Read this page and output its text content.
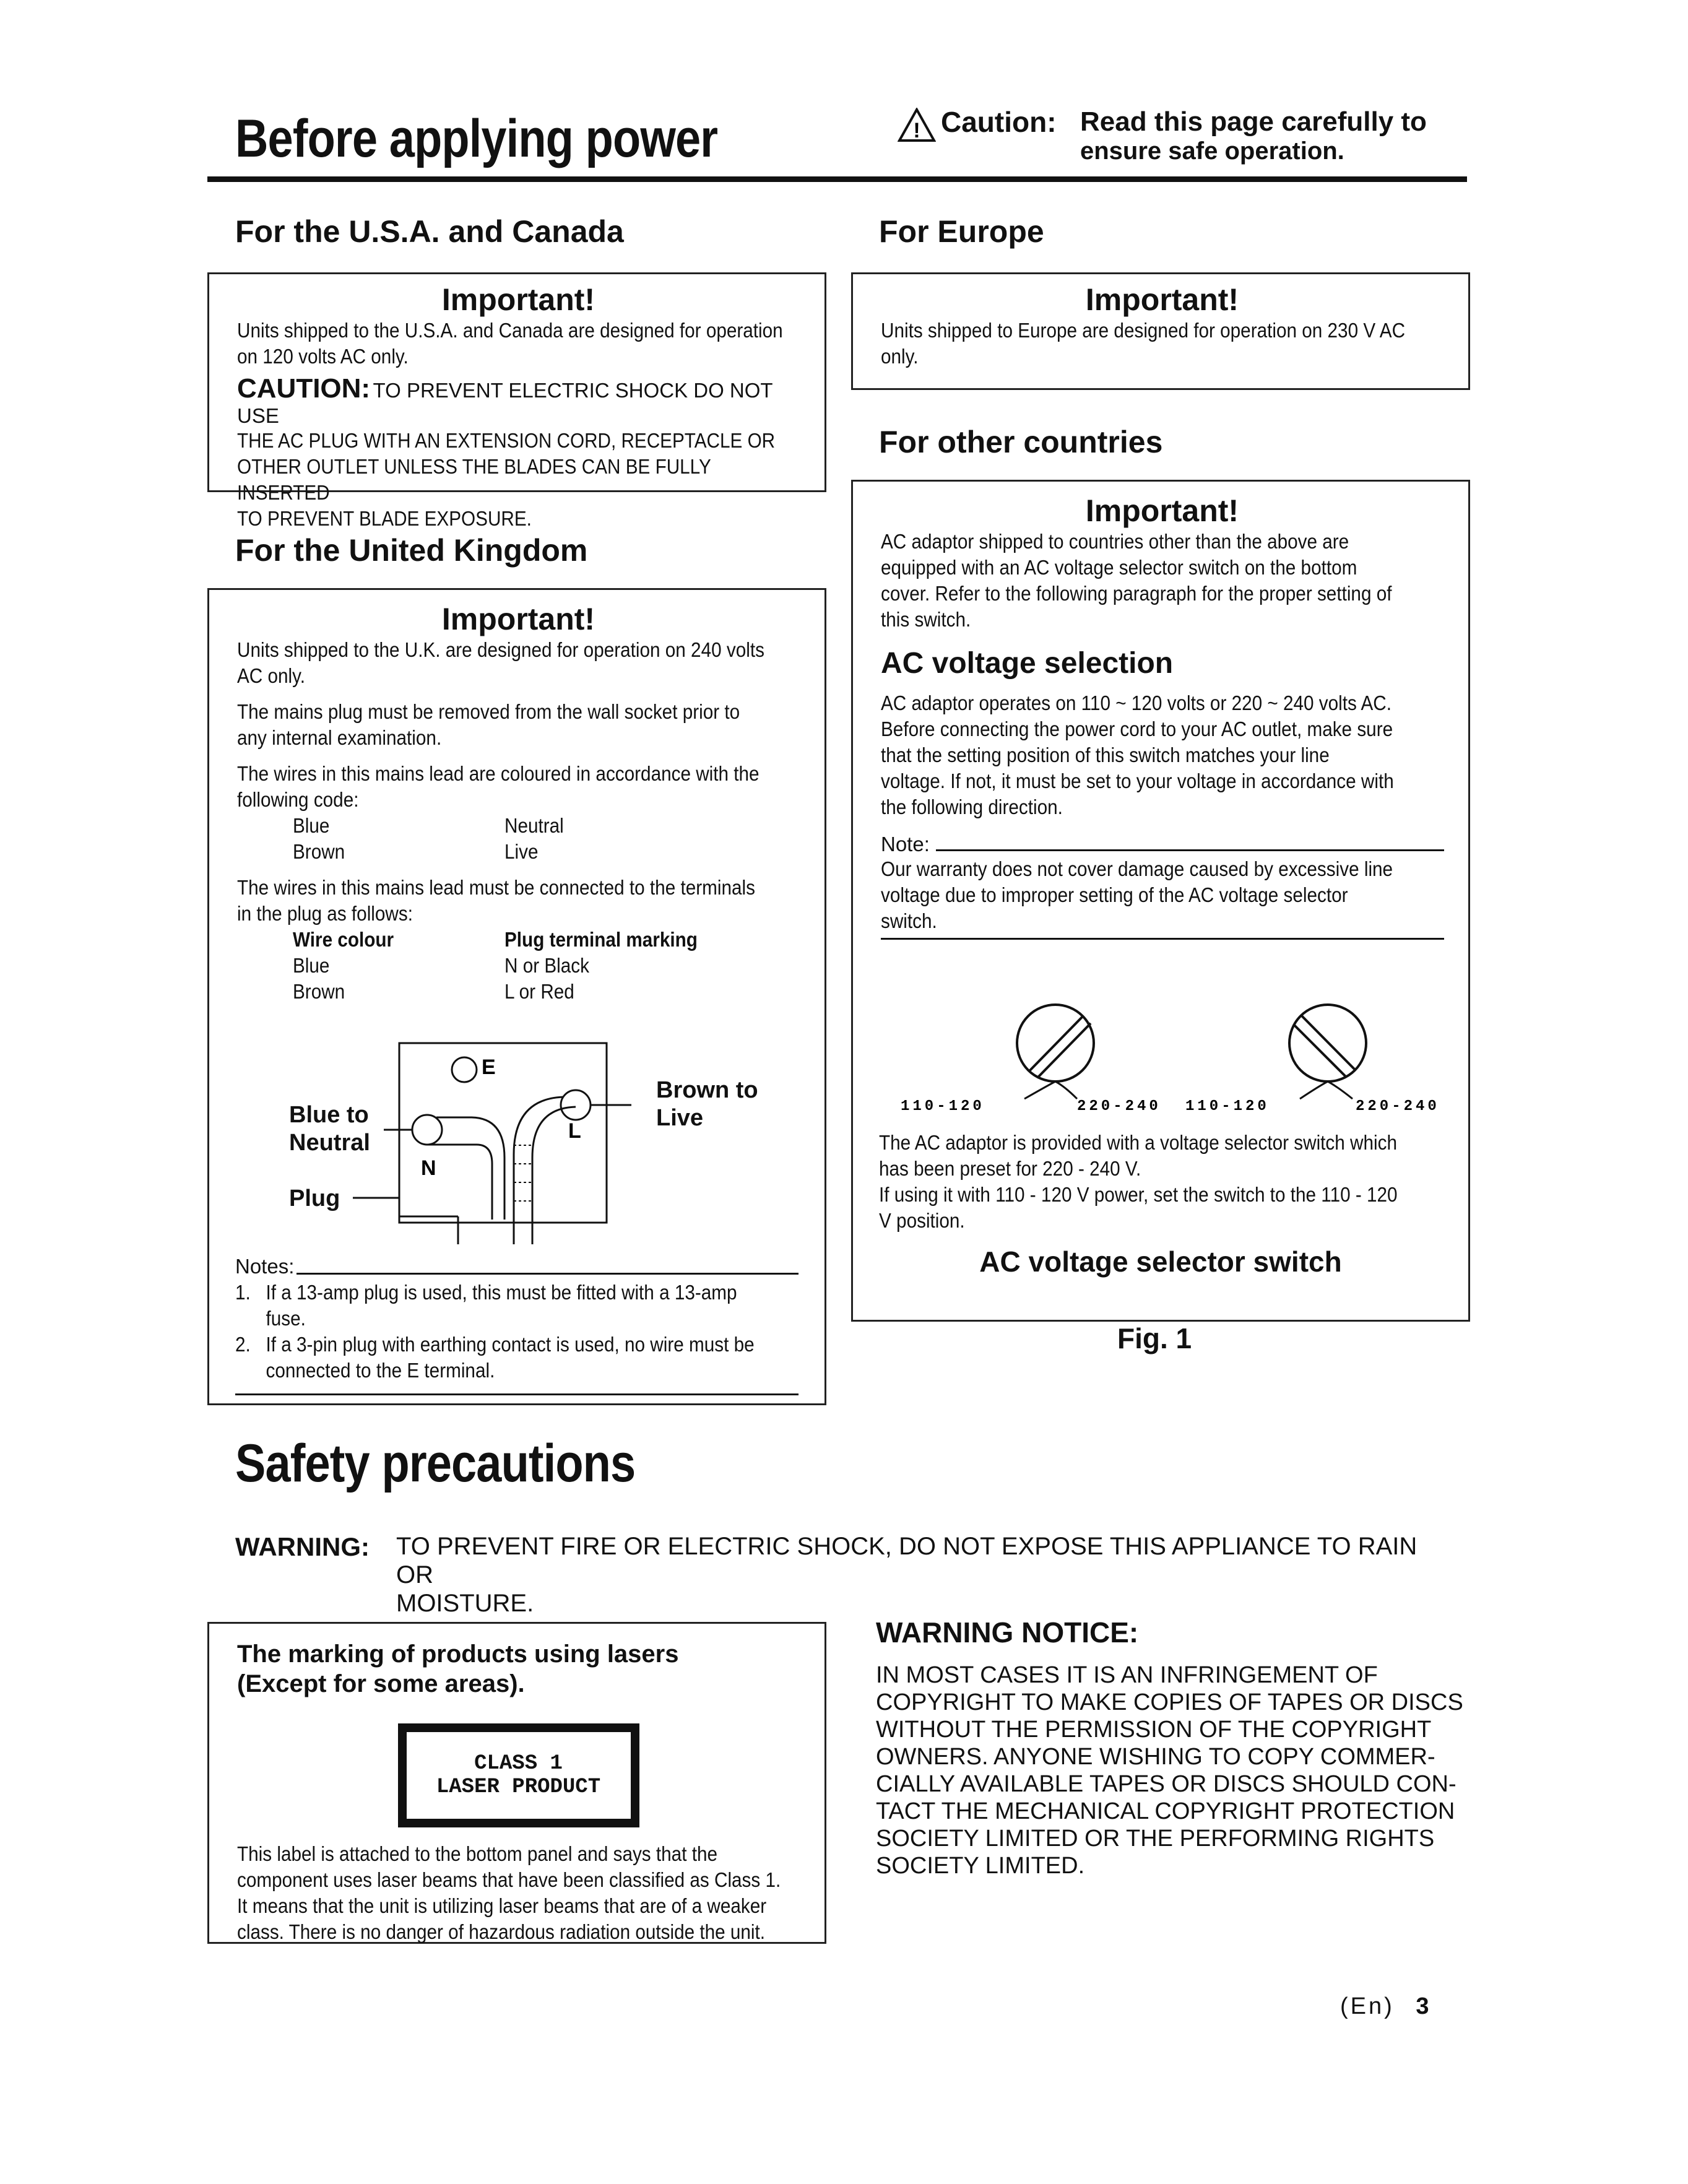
Before applying power	! Caution: Read this page carefully to
ensure safe operation.
For the U.S.A. and Canada

Important!

Units shipped to the U.S.A. and Canada are designed for operation

on 120 volts AC only.

CAUTION: TO PREVENT ELECTRIC SHOCK DO NOT USE

THE AC PLUG WITH AN EXTENSION CORD, RECEPTACLE OR

OTHER OUTLET UNLESS THE BLADES CAN BE FULLY INSERTED

TO PREVENT BLADE EXPOSURE.

For the United Kingdom

Important!

Units shipped to the U.K. are designed for operation on 240 volts

AC only.

The mains plug must be removed from the wall socket prior to

any internal examination.

The wires in this mains lead are coloured in accordance with the

following code:

Blue	Neutral
Brown	Live

The wires in this mains lead must be connected to the terminals

in the plug as follows:

Wire colour	Plug terminal marking
Blue	N or Black
Brown	L or Red
E
L
N
Blue to
Neutral
Brown to
Live
Plug
Notes:
1. If a 13-amp plug is used, this must be fitted with a 13-amp
fuse.
2. If a 3-pin plug with earthing contact is used, no wire must be
connected to the E terminal.
For Europe

Important!

Units shipped to Europe are designed for operation on 230 V AC

only.

For other countries

Important!

AC adaptor shipped to countries other than the above are

equipped with an AC voltage selector switch on the bottom

cover. Refer to the following paragraph for the proper setting of

this switch.

AC voltage selection

AC adaptor operates on 110 ~ 120 volts or 220 ~ 240 volts AC.

Before connecting the power cord to your AC outlet, make sure

that the setting position of this switch matches your line

voltage. If not, it must be set to your voltage in accordance with

the following direction.

Note:

Our warranty does not cover damage caused by excessive line

voltage due to improper setting of the AC voltage selector

switch.

110-120	220-240 110-120	220-240

The AC adaptor is provided with a voltage selector switch which

has been preset for 220 - 240 V.

If using it with 110 - 120 V power, set the switch to the 110 - 120

V position.

AC voltage selector switch

Fig. 1
Safety precautions
WARNING: TO PREVENT FIRE OR ELECTRIC SHOCK, DO NOT EXPOSE THIS APPLIANCE TO RAIN OR
MOISTURE.

The marking of products using lasers

(Except for some areas).

CLASS 1
LASER PRODUCT

This label is attached to the bottom panel and says that the

component uses laser beams that have been classified as Class 1.

It means that the unit is utilizing laser beams that are of a weaker

class. There is no danger of hazardous radiation outside the unit.

WARNING NOTICE:

IN MOST CASES IT IS AN INFRINGEMENT OF
COPYRIGHT TO MAKE COPIES OF TAPES OR DISCS
WITHOUT THE PERMISSION OF THE COPYRIGHT
OWNERS. ANYONE WISHING TO COPY COMMER-
CIALLY AVAILABLE TAPES OR DISCS SHOULD CON-
TACT THE MECHANICAL COPYRIGHT PROTECTION
SOCIETY LIMITED OR THE PERFORMING RIGHTS
SOCIETY LIMITED.
(En) 3
